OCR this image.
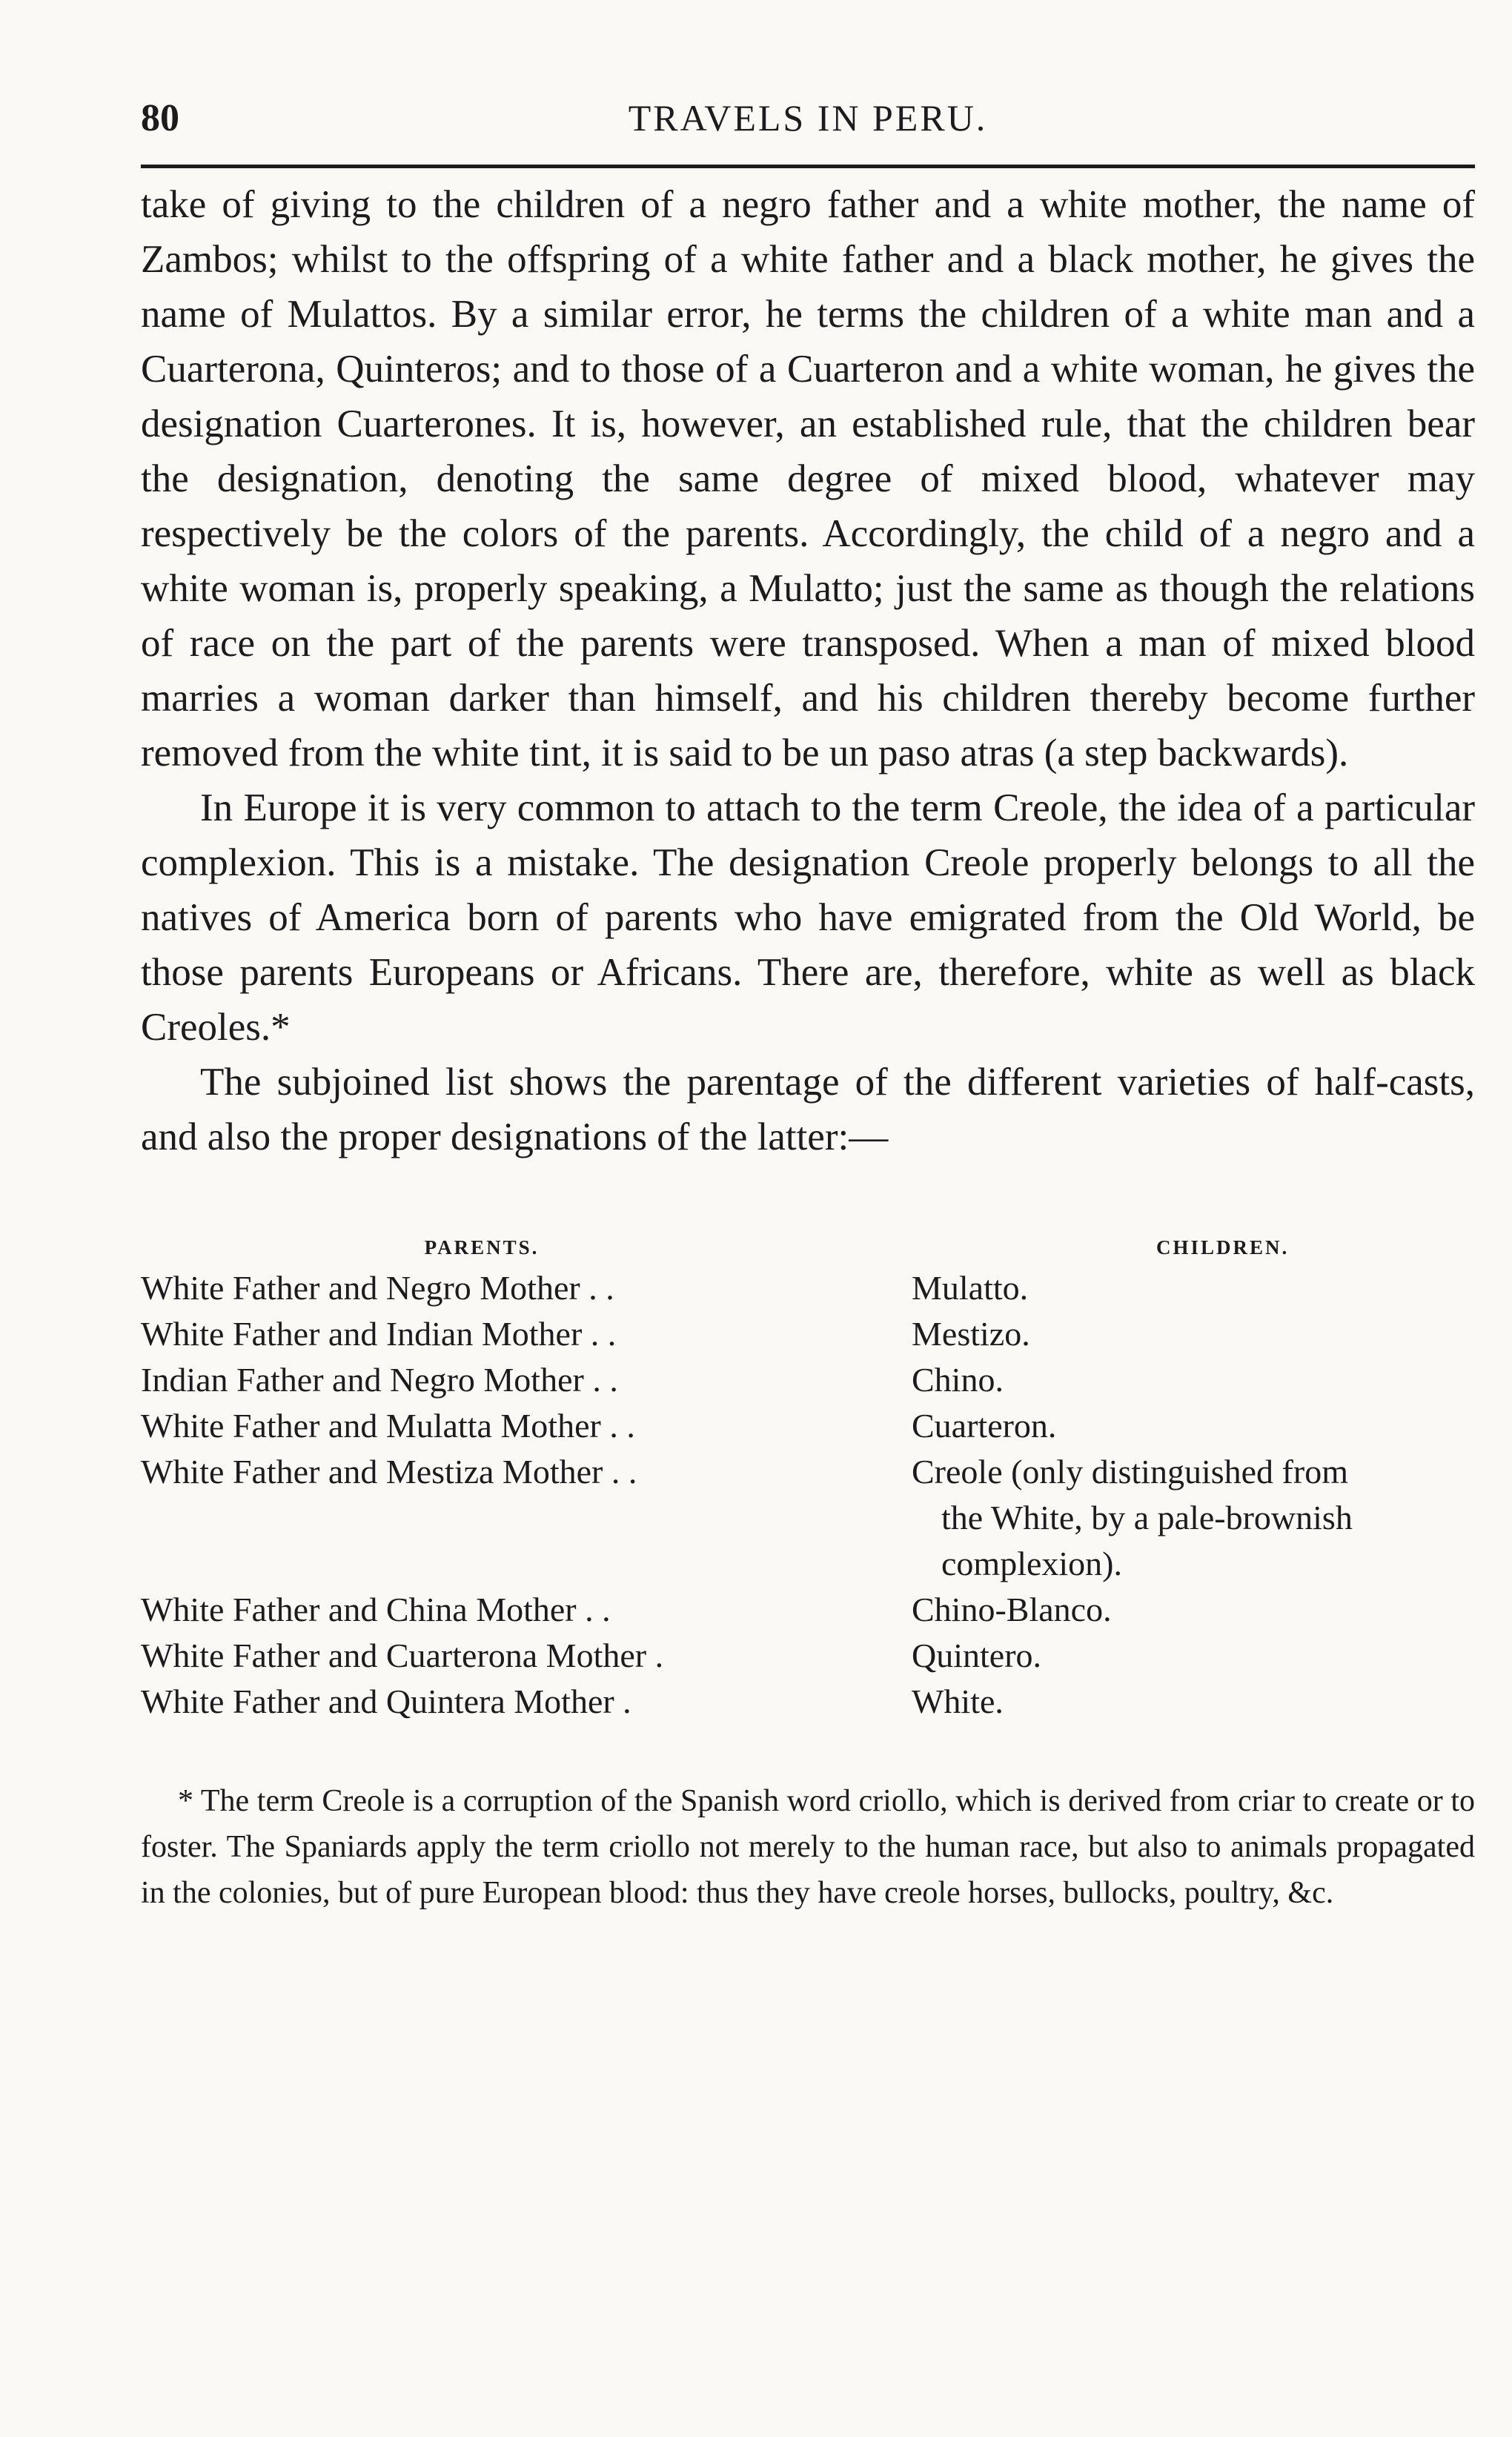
80	TRAVELS IN PERU.

take of giving to the children of a negro father and a white mother, the name of Zambos; whilst to the offspring of a white father and a black mother, he gives the name of Mulattos. By a similar error, he terms the children of a white man and a Cuarterona, Quinteros; and to those of a Cuarteron and a white woman, he gives the designation Cuarterones. It is, however, an established rule, that the children bear the designation, denoting the same degree of mixed blood, whatever may respectively be the colors of the parents. Accordingly, the child of a negro and a white woman is, properly speaking, a Mulatto; just the same as though the relations of race on the part of the parents were transposed. When a man of mixed blood marries a woman darker than himself, and his children thereby become further removed from the white tint, it is said to be un paso atras (a step backwards).

In Europe it is very common to attach to the term Creole, the idea of a particular complexion. This is a mistake. The designation Creole properly belongs to all the natives of America born of parents who have emigrated from the Old World, be those parents Europeans or Africans. There are, therefore, white as well as black Creoles.*

The subjoined list shows the parentage of the different varieties of half-casts, and also the proper designations of the latter:—

PARENTS.	CHILDREN.
White Father and Negro Mother . .	Mulatto.
White Father and Indian Mother . .	Mestizo.
Indian Father and Negro Mother . .	Chino.
White Father and Mulatta Mother . .	Cuarteron.
White Father and Mestiza Mother . .	Creole (only distinguished from
the White, by a pale-brownish complexion).
White Father and China Mother . .	Chino-Blanco.
White Father and Cuarterona Mother .	Quintero.
White Father and Quintera Mother .	White.

* The term Creole is a corruption of the Spanish word criollo, which is derived from criar to create or to foster. The Spaniards apply the term criollo not merely to the human race, but also to animals propagated in the colonies, but of pure European blood: thus they have creole horses, bullocks, poultry, &c.
